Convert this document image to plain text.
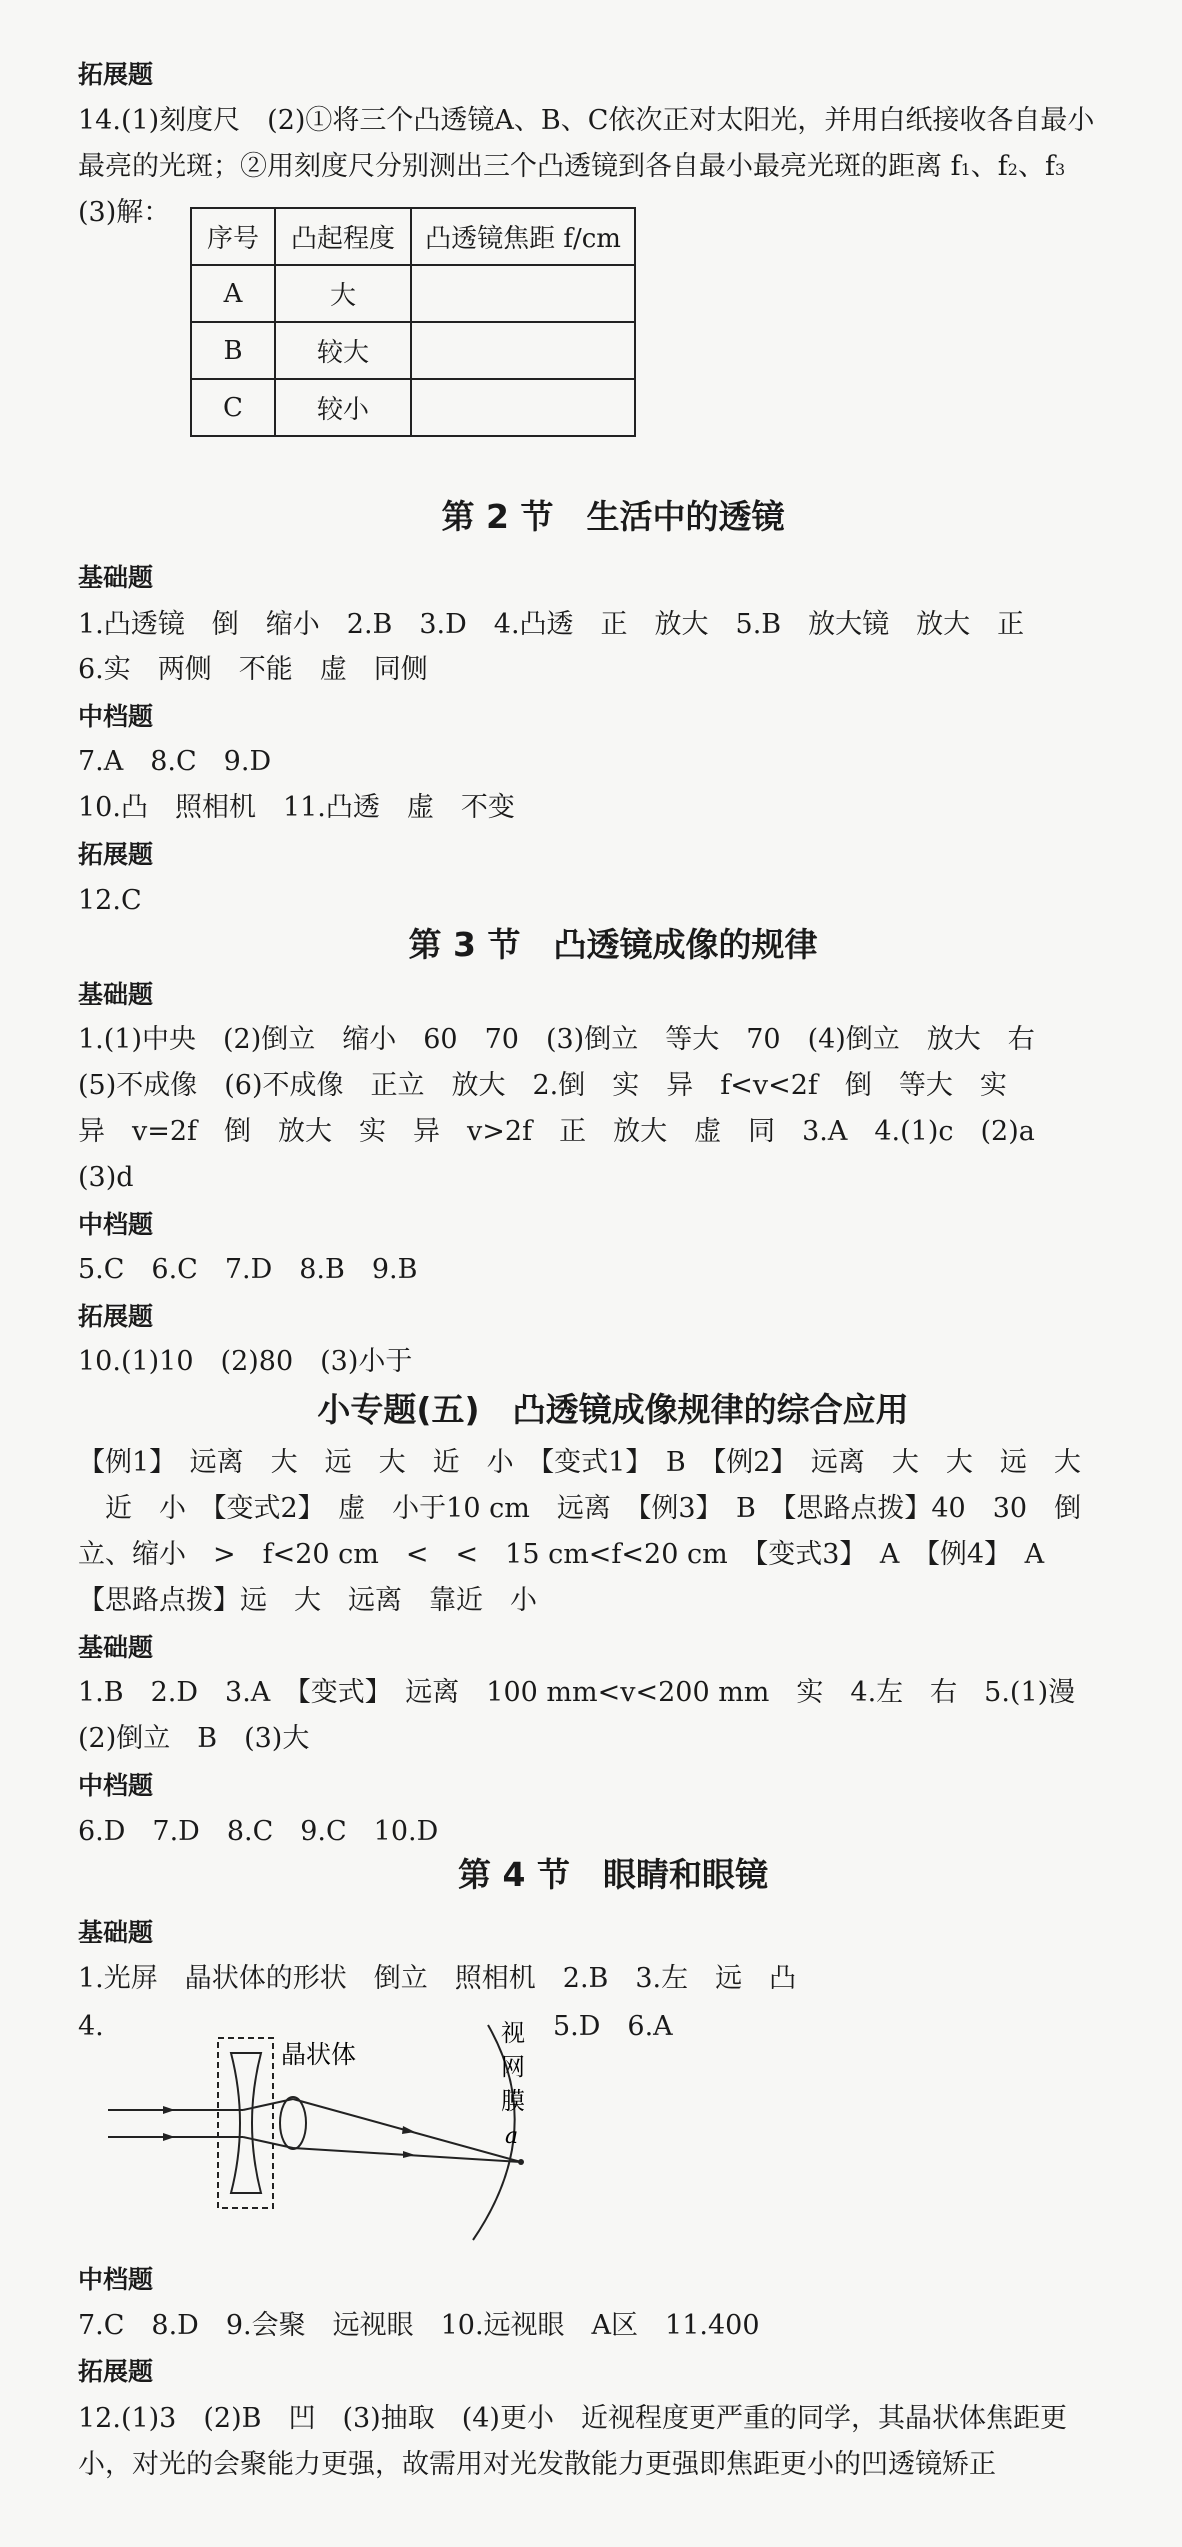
拓展题
14.(1)刻度尺　(2)①将三个凸透镜A、B、C依次正对太阳光，并用白纸接收各自最小
最亮的光斑；②用刻度尺分别测出三个凸透镜到各自最小最亮光斑的距离 f1、f2、f3
(3)解：
序号	凸起程度	凸透镜焦距 f/cm
A	大	
B	较大	
C	较小	
第 2 节　生活中的透镜
基础题
1.凸透镜　倒　缩小　2.B　3.D　4.凸透　正　放大　5.B　放大镜　放大　正
6.实　两侧　不能　虚　同侧
中档题
7.A　8.C　9.D
10.凸　照相机　11.凸透　虚　不变
拓展题
12.C
第 3 节　凸透镜成像的规律
基础题
1.(1)中央　(2)倒立　缩小　60　70　(3)倒立　等大　70　(4)倒立　放大　右
(5)不成像　(6)不成像　正立　放大　2.倒　实　异　f<v<2f　倒　等大　实
异　v=2f　倒　放大　实　异　v>2f　正　放大　虚　同　3.A　4.(1)c　(2)a
(3)d
中档题
5.C　6.C　7.D　8.B　9.B
拓展题
10.(1)10　(2)80　(3)小于
小专题(五)　凸透镜成像规律的综合应用
【例1】　远离　大　远　大　近　小　【变式1】　B　【例2】　远离　大　大　远　大
　近　小　【变式2】　虚　小于10 cm　远离　【例3】　B　【思路点拨】40　30　倒
立、缩小　>　f<20 cm　<　<　15 cm<f<20 cm　【变式3】　A　【例4】　A
【思路点拨】远　大　远离　靠近　小
基础题
1.B　2.D　3.A　【变式】　远离　100 mm<v<200 mm　实　4.左　右　5.(1)漫
(2)倒立　B　(3)大
中档题
6.D　7.D　8.C　9.C　10.D
第 4 节　眼睛和眼镜
基础题
1.光屏　晶状体的形状　倒立　照相机　2.B　3.左　远　凸
4.	5.D　6.A
晶状体
视
网
膜
a
中档题
7.C　8.D　9.会聚　远视眼　10.远视眼　A区　11.400
拓展题
12.(1)3　(2)B　凹　(3)抽取　(4)更小　近视程度更严重的同学，其晶状体焦距更
小，对光的会聚能力更强，故需用对光发散能力更强即焦距更小的凹透镜矫正
